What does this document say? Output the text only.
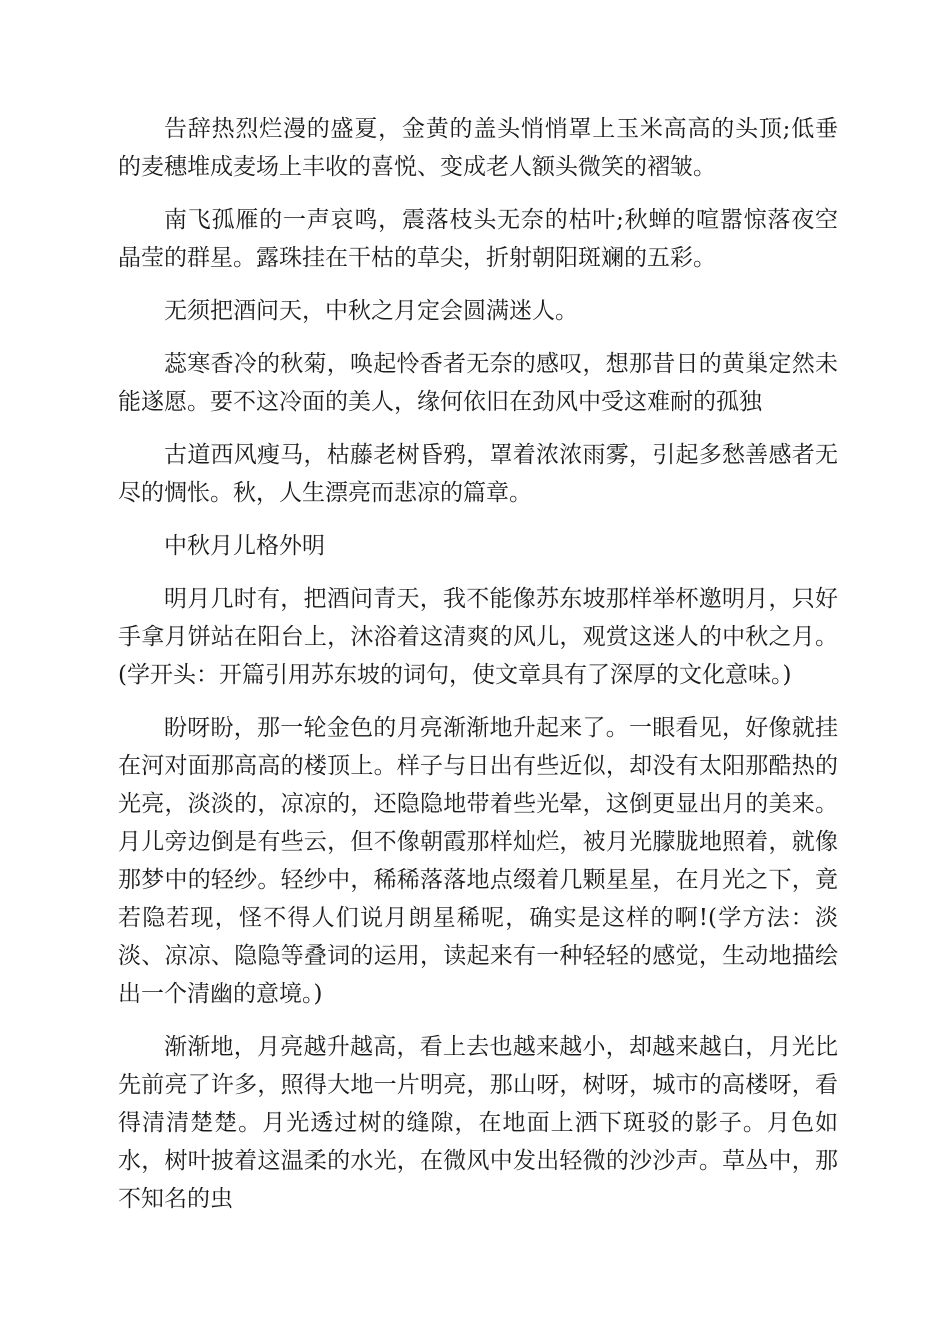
告辞热烈烂漫的盛夏，金黄的盖头悄悄罩上玉米高高的头顶;低垂的麦穗堆成麦场上丰收的喜悦、变成老人额头微笑的褶皱。

南飞孤雁的一声哀鸣，震落枝头无奈的枯叶;秋蝉的喧嚣惊落夜空晶莹的群星。露珠挂在干枯的草尖，折射朝阳斑斓的五彩。

无须把酒问天，中秋之月定会圆满迷人。

蕊寒香冷的秋菊，唤起怜香者无奈的感叹，想那昔日的黄巢定然未能遂愿。要不这冷面的美人，缘何依旧在劲风中受这难耐的孤独

古道西风瘦马，枯藤老树昏鸦，罩着浓浓雨雾，引起多愁善感者无尽的惆怅。秋，人生漂亮而悲凉的篇章。

中秋月儿格外明

明月几时有，把酒问青天，我不能像苏东坡那样举杯邀明月，只好手拿月饼站在阳台上，沐浴着这清爽的风儿，观赏这迷人的中秋之月。(学开头：开篇引用苏东坡的词句，使文章具有了深厚的文化意味。)

盼呀盼，那一轮金色的月亮渐渐地升起来了。一眼看见，好像就挂在河对面那高高的楼顶上。样子与日出有些近似，却没有太阳那酷热的光亮，淡淡的，凉凉的，还隐隐地带着些光晕，这倒更显出月的美来。月儿旁边倒是有些云，但不像朝霞那样灿烂，被月光朦胧地照着，就像那梦中的轻纱。轻纱中，稀稀落落地点缀着几颗星星，在月光之下，竟若隐若现，怪不得人们说月朗星稀呢，确实是这样的啊!(学方法：淡淡、凉凉、隐隐等叠词的运用，读起来有一种轻轻的感觉，生动地描绘出一个清幽的意境。)

渐渐地，月亮越升越高，看上去也越来越小，却越来越白，月光比先前亮了许多，照得大地一片明亮，那山呀，树呀，城市的高楼呀，看得清清楚楚。月光透过树的缝隙，在地面上洒下斑驳的影子。月色如水，树叶披着这温柔的水光，在微风中发出轻微的沙沙声。草丛中，那不知名的虫
